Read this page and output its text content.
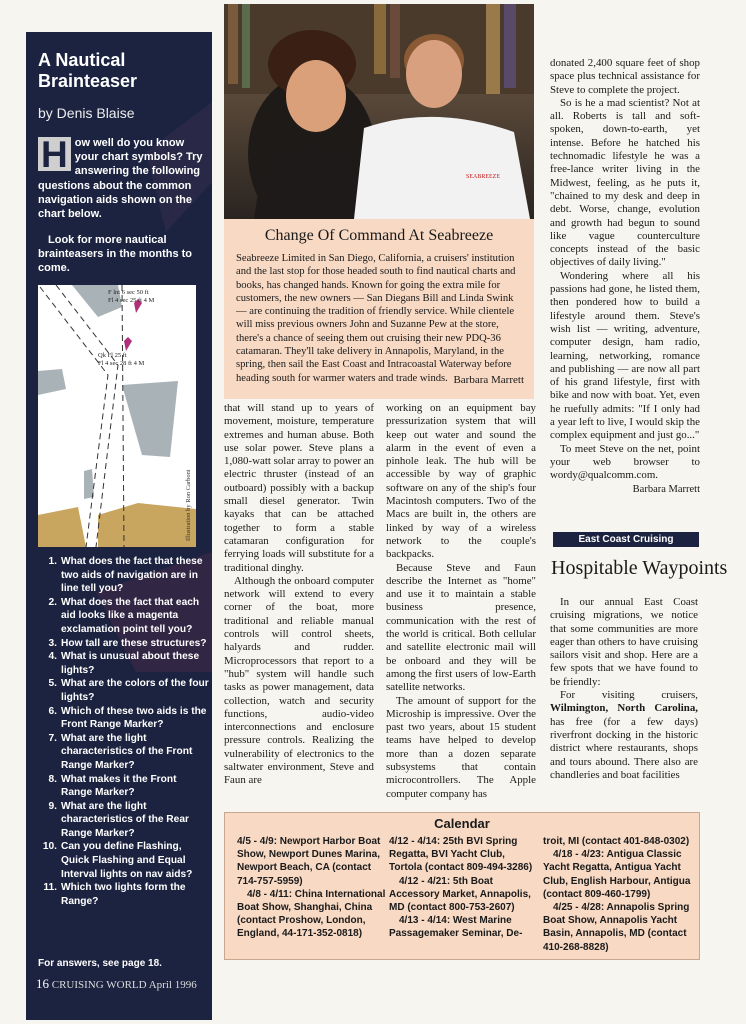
A Nautical Brainteaser
by Denis Blaise

H ow well do you know your chart symbols? Try answering the following questions about the common navigation aids shown on the chart below.

Look for more nautical brainteasers in the months to come.

F lnt 6 sec 50 ft
Fl 4 sec 25 ft 4 M
Qk Fl 25 ft
Fl 4 sec 28 ft 4 M
Illustration by Ron Carboni
1. What does the fact that these two aids of navigation are in line tell you?
2. What does the fact that each aid looks like a magenta exclamation point tell you?
3. How tall are these structures?
4. What is unusual about these lights?
5. What are the colors of the four lights?
6. Which of these two aids is the Front Range Marker?
7. What are the light characteristics of the Front Range Marker?
8. What makes it the Front Range Marker?
9. What are the light characteristics of the Rear Range Marker?
10. Can you define Flashing, Quick Flashing and Equal Interval lights on nav aids?
11. Which two lights form the Range?
For answers, see page 18.
16 CRUISING WORLD April 1996
SEABREEZE
Change Of Command At Seabreeze

Seabreeze Limited in San Diego, California, a cruisers' institution and the last stop for those headed south to find nautical charts and books, has changed hands. Known for going the extra mile for customers, the new owners — San Diegans Bill and Linda Swink — are continuing the tradition of friendly service. While clientele will miss previous owners John and Suzanne Pew at the store, there's a chance of seeing them out cruising their new PDQ-36 catamaran. They'll take delivery in Annapolis, Maryland, in the spring, then sail the East Coast and Intracoastal Waterway before heading south for warmer waters and trade winds. Barbara Marrett

that will stand up to years of movement, moisture, temperature extremes and human abuse. Both use solar power. Steve plans a 1,080-watt solar array to power an electric thruster (instead of an outboard) possibly with a backup small diesel generator. Twin kayaks that can be attached together to form a stable catamaran configuration for ferrying loads will substitute for a traditional dinghy.

Although the onboard computer network will extend to every corner of the boat, more traditional and reliable manual controls will control sheets, halyards and rudder. Microprocessors that report to a "hub" system will handle such tasks as power management, data collection, watch and security functions, audio-video interconnections and enclosure pressure controls. Realizing the vulnerability of electronics to the saltwater environment, Steve and Faun are

working on an equipment bay pressurization system that will keep out water and sound the alarm in the event of even a pinhole leak. The hub will be accessible by way of graphic software on any of the ship's four Macintosh computers. Two of the Macs are built in, the others are linked by way of a wireless network to the couple's backpacks.

Because Steve and Faun describe the Internet as "home" and use it to maintain a stable business presence, communication with the rest of the world is critical. Both cellular and satellite electronic mail will be onboard and they will be among the first users of low-Earth satellite networks.

The amount of support for the Microship is impressive. Over the past two years, about 15 student teams have helped to develop more than a dozen separate subsystems that contain microcontrollers. The Apple computer company has

donated 2,400 square feet of shop space plus technical assistance for Steve to complete the project.

So is he a mad scientist? Not at all. Roberts is tall and soft-spoken, down-to-earth, yet intense. Before he hatched his technomadic lifestyle he was a free-lance writer living in the Midwest, feeling, as he puts it, "chained to my desk and deep in debt. Worse, change, evolution and growth had begun to sound like vague counterculture concepts instead of the basic objectives of daily living."

Wondering where all his passions had gone, he listed them, then pondered how to build a lifestyle around them. Steve's wish list — writing, adventure, computer design, ham radio, learning, networking, romance and publishing — are now all part of his grand lifestyle, first with bike and now with boat. Yet, even he ruefully admits: "If I only had a year left to live, I would skip the complex equipment and just go..."

To meet Steve on the net, point your web browser to wordy@qualcomm.com.

Barbara Marrett
East Coast Cruising
Hospitable Waypoints

In our annual East Coast cruising migrations, we notice that some communities are more eager than others to have cruising sailors visit and shop. Here are a few spots that we have found to be friendly:

For visiting cruisers, Wilmington, North Carolina, has free (for a few days) riverfront docking in the historic district where restaurants, shops and tours abound. There also are chandleries and boat facilities

Calendar

4/5 - 4/9: Newport Harbor Boat Show, Newport Dunes Marina, Newport Beach, CA (contact 714-757-5959)

4/8 - 4/11: China International Boat Show, Shanghai, China (contact Proshow, London, England, 44-171-352-0818)

4/12 - 4/14: 25th BVI Spring Regatta, BVI Yacht Club, Tortola (contact 809-494-3286)

4/12 - 4/21: 5th Boat Accessory Market, Annapolis, MD (contact 800-753-2607)

4/13 - 4/14: West Marine Passagemaker Seminar, De-

troit, MI (contact 401-848-0302)

4/18 - 4/23: Antigua Classic Yacht Regatta, Antigua Yacht Club, English Harbour, Antigua (contact 809-460-1799)

4/25 - 4/28: Annapolis Spring Boat Show, Annapolis Yacht Basin, Annapolis, MD (contact 410-268-8828)
